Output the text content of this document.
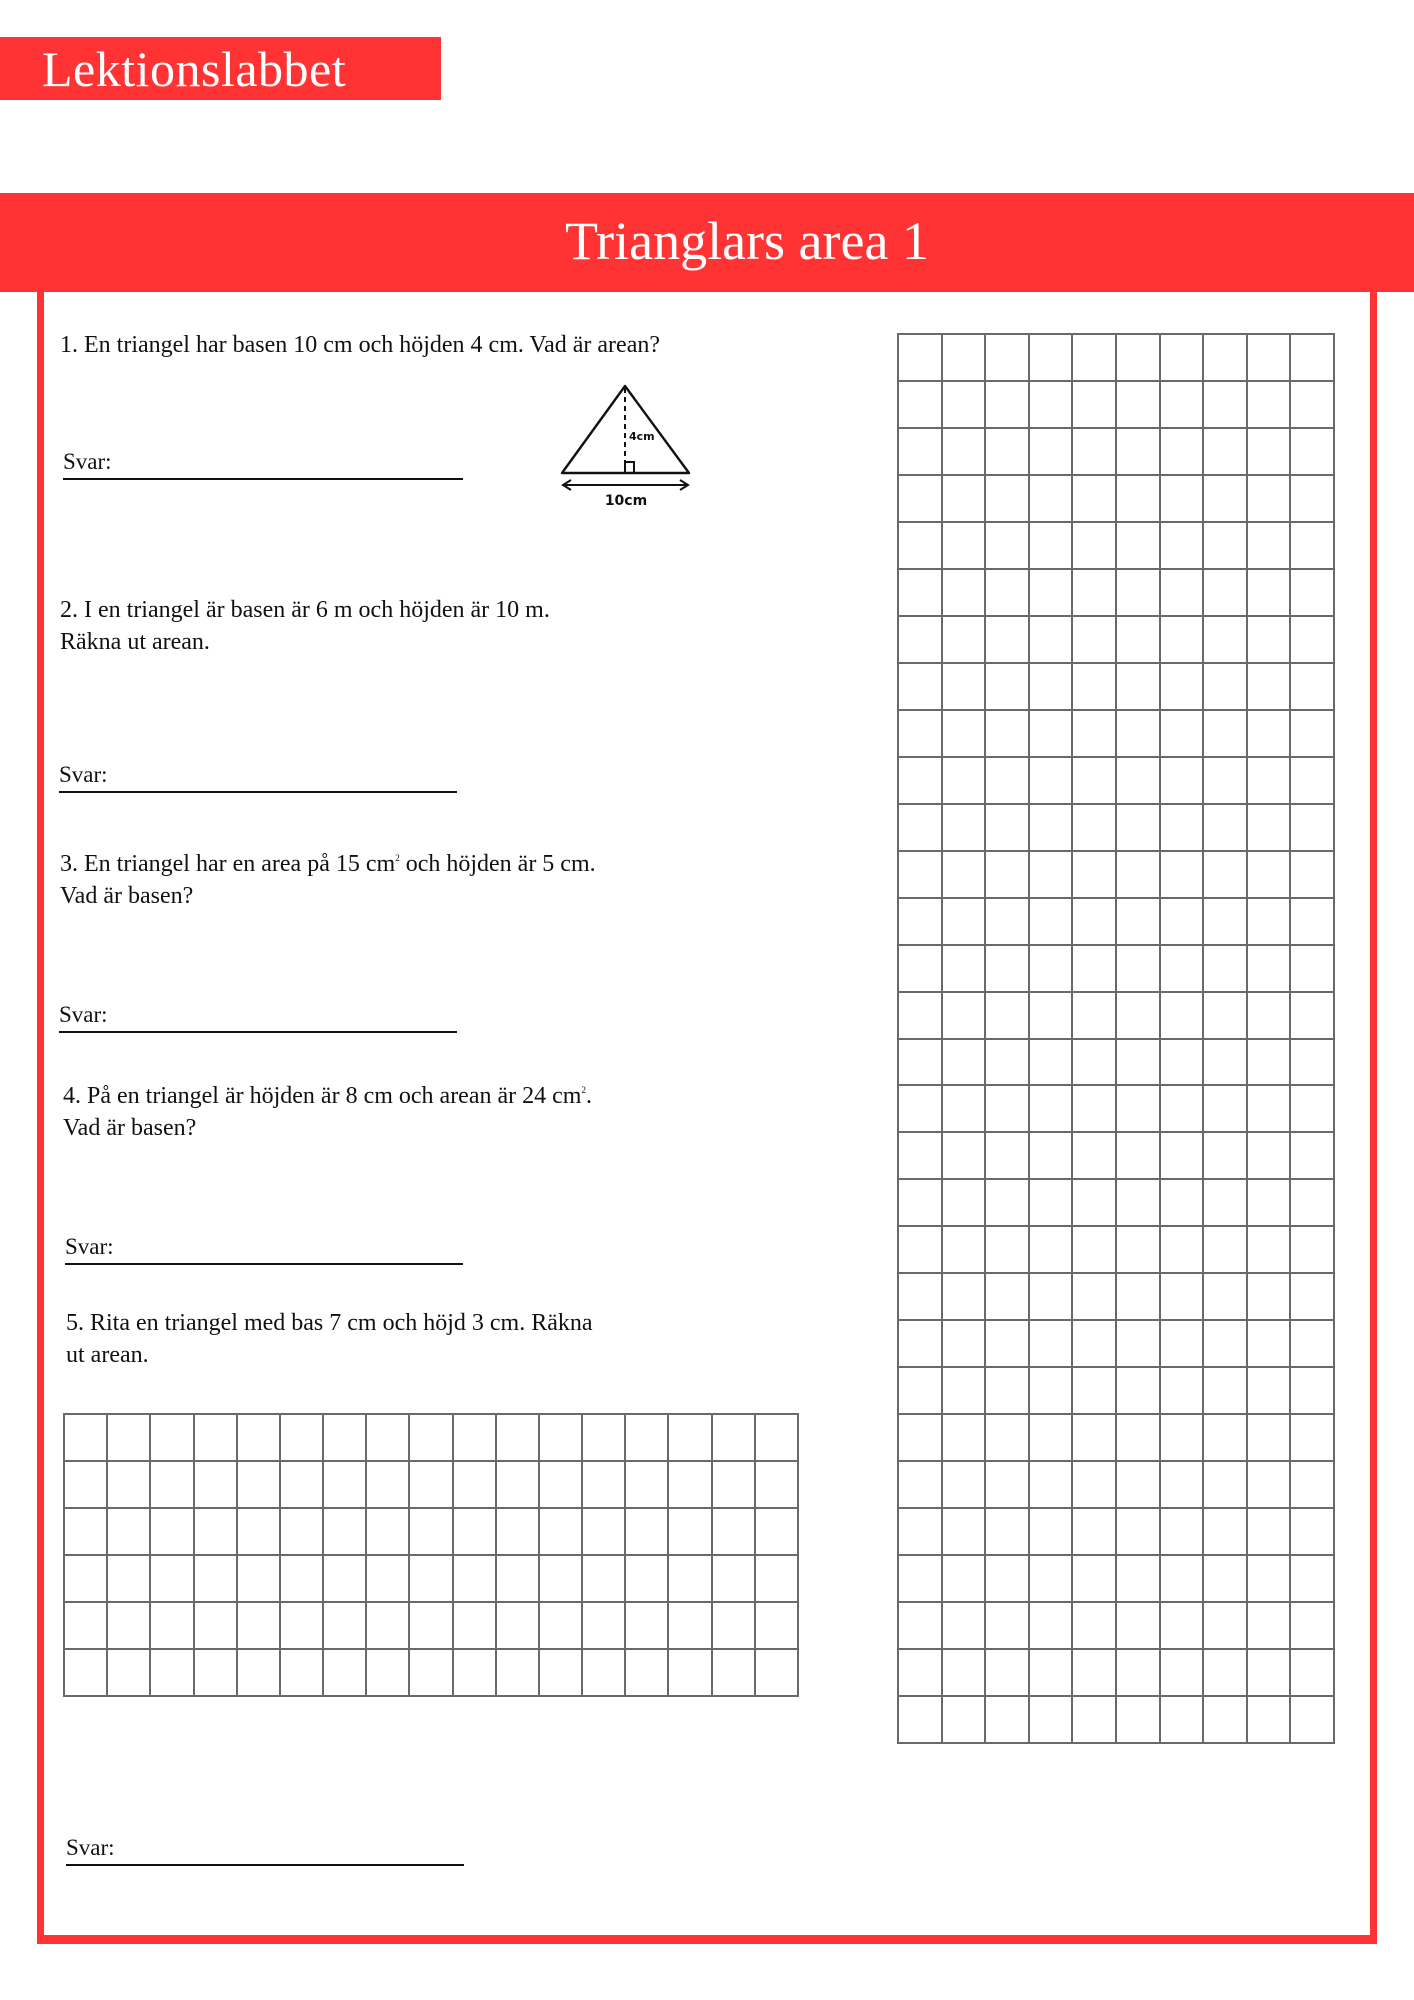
Lektionslabbet
Trianglars area 1
1. En triangel har basen 10 cm och höjden 4 cm. Vad är arean?
Svar:
4cm
10cm
2. I en triangel är basen är 6 m och höjden är 10 m.
Räkna ut arean.
Svar:
3. En triangel har en area på 15 $cm^2$ och höjden är 5 cm.
Vad är basen?
Svar:
4. På en triangel är höjden är 8 cm och arean är 24 $cm^2$.
Vad är basen?
Svar:
5. Rita en triangel med bas 7 cm och höjd 3 cm. Räkna
ut arean.
Svar:
